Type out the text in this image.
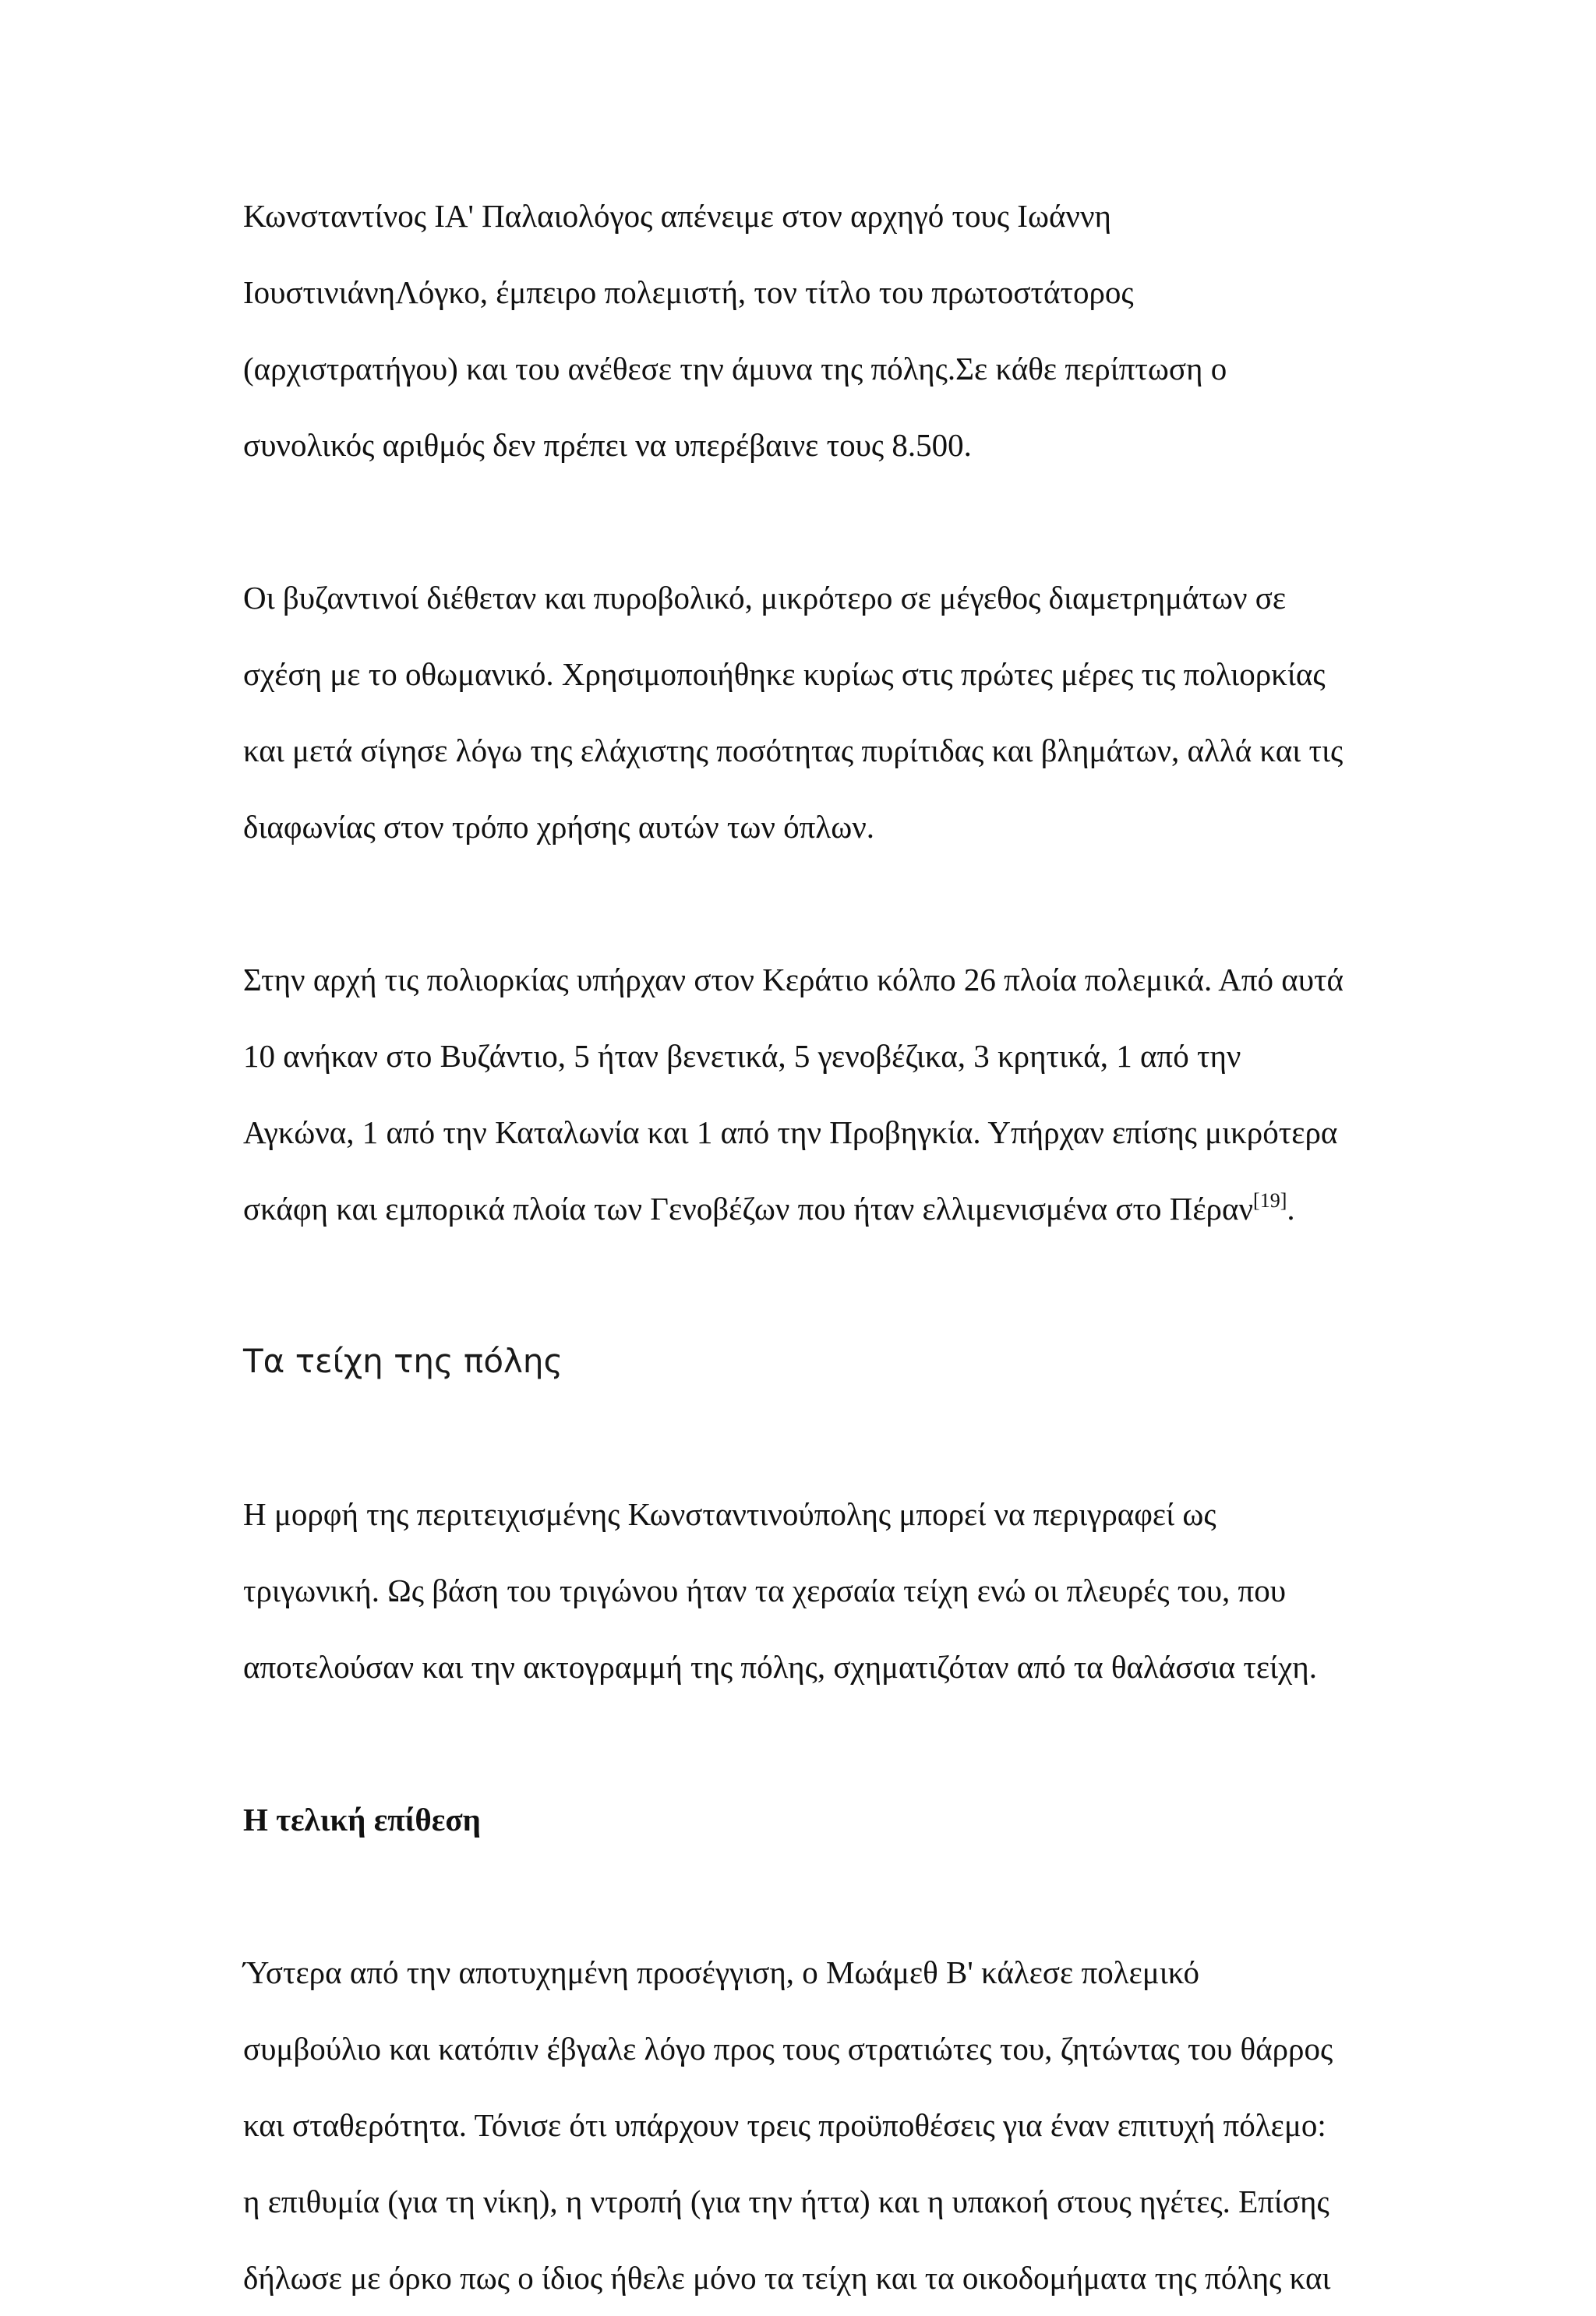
Κωνσταντίνος ΙΑ' Παλαιολόγος απένειμε στον αρχηγό τους Ιωάννη
ΙουστινιάνηΛόγκο, έμπειρο πολεμιστή, τον τίτλο του πρωτοστάτορος
(αρχιστρατήγου) και του ανέθεσε την άμυνα της πόλης.Σε κάθε περίπτωση ο
συνολικός αριθμός δεν πρέπει να υπερέβαινε τους 8.500.

Οι βυζαντινοί διέθεταν και πυροβολικό, μικρότερο σε μέγεθος διαμετρημάτων σε
σχέση με το οθωμανικό. Χρησιμοποιήθηκε κυρίως στις πρώτες μέρες τις πολιορκίας
και μετά σίγησε λόγω της ελάχιστης ποσότητας πυρίτιδας και βλημάτων, αλλά και τις
διαφωνίας στον τρόπο χρήσης αυτών των όπλων.

Στην αρχή τις πολιορκίας υπήρχαν στον Κεράτιο κόλπο 26 πλοία πολεμικά. Από αυτά
10 ανήκαν στο Βυζάντιο, 5 ήταν βενετικά, 5 γενοβέζικα, 3 κρητικά, 1 από την
Αγκώνα, 1 από την Καταλωνία και 1 από την Προβηγκία. Υπήρχαν επίσης μικρότερα
σκάφη και εμπορικά πλοία των Γενοβέζων που ήταν ελλιμενισμένα στο Πέραν[19].

Τα τείχη της πόλης

Η μορφή της περιτειχισμένης Κωνσταντινούπολης μπορεί να περιγραφεί ως
τριγωνική. Ως βάση του τριγώνου ήταν τα χερσαία τείχη ενώ οι πλευρές του, που
αποτελούσαν και την ακτογραμμή της πόλης, σχηματιζόταν από τα θαλάσσια τείχη.

Η τελική επίθεση

Ύστερα από την αποτυχημένη προσέγγιση, ο Μωάμεθ Β' κάλεσε πολεμικό
συμβούλιο και κατόπιν έβγαλε λόγο προς τους στρατιώτες του, ζητώντας του θάρρος
και σταθερότητα. Τόνισε ότι υπάρχουν τρεις προϋποθέσεις για έναν επιτυχή πόλεμο:
η επιθυμία (για τη νίκη), η ντροπή (για την ήττα) και η υπακοή στους ηγέτες. Επίσης
δήλωσε με όρκο πως ο ίδιος ήθελε μόνο τα τείχη και τα οικοδομήματα της πόλης και
